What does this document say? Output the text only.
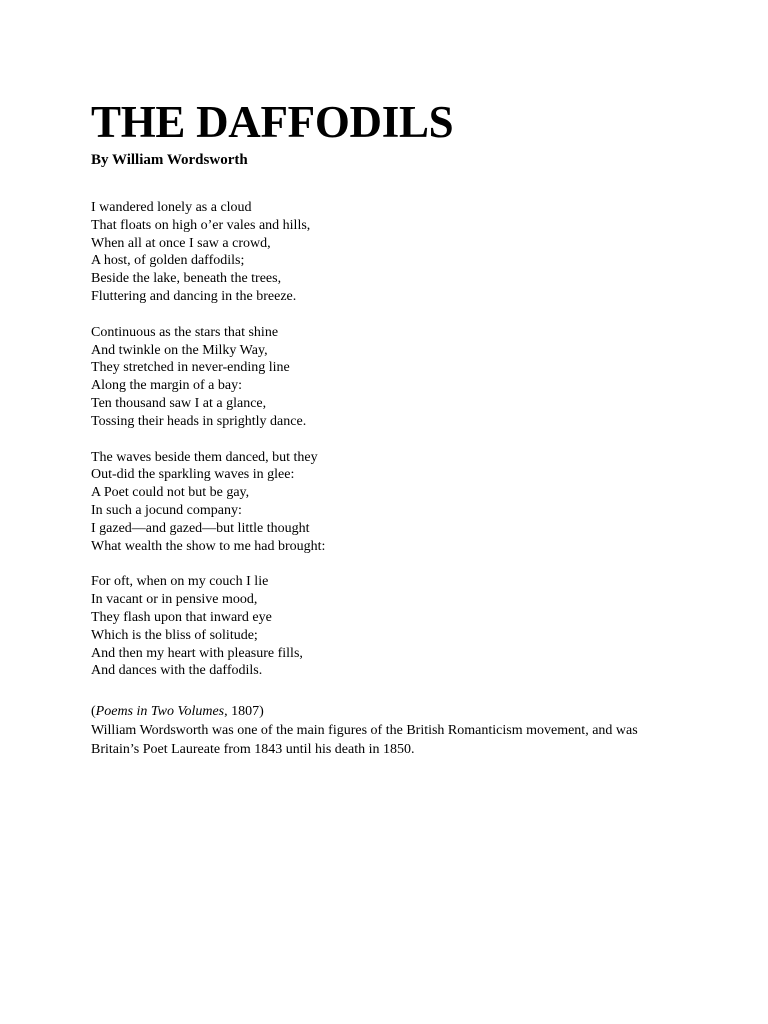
THE DAFFODILS
By William Wordsworth
I wandered lonely as a cloud
That floats on high o’er vales and hills,
When all at once I saw a crowd,
A host, of golden daffodils;
Beside the lake, beneath the trees,
Fluttering and dancing in the breeze.
Continuous as the stars that shine
And twinkle on the Milky Way,
They stretched in never-ending line
Along the margin of a bay:
Ten thousand saw I at a glance,
Tossing their heads in sprightly dance.
The waves beside them danced, but they
Out-did the sparkling waves in glee:
A Poet could not but be gay,
In such a jocund company:
I gazed—and gazed—but little thought
What wealth the show to me had brought:
For oft, when on my couch I lie
In vacant or in pensive mood,
They flash upon that inward eye
Which is the bliss of solitude;
And then my heart with pleasure fills,
And dances with the daffodils.
(Poems in Two Volumes, 1807)
William Wordsworth was one of the main figures of the British Romanticism movement, and was Britain’s Poet Laureate from 1843 until his death in 1850.
